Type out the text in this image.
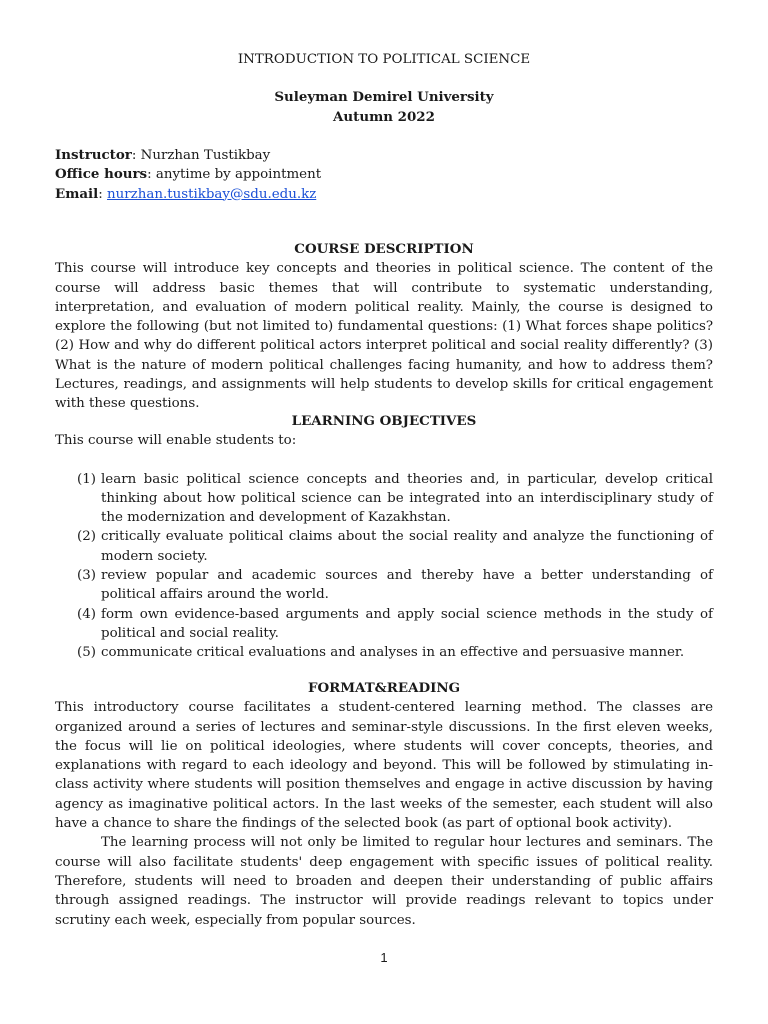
INTRODUCTION TO POLITICAL SCIENCE
Suleyman Demirel University
Autumn 2022
Instructor: Nurzhan Tustikbay
Office hours: anytime by appointment
Email: nurzhan.tustikbay@sdu.edu.kz
COURSE DESCRIPTION
This course will introduce key concepts and theories in political science. The content of the course will address basic themes that will contribute to systematic understanding, interpretation, and evaluation of modern political reality. Mainly, the course is designed to explore the following (but not limited to) fundamental questions: (1) What forces shape politics? (2) How and why do different political actors interpret political and social reality differently? (3) What is the nature of modern political challenges facing humanity, and how to address them? Lectures, readings, and assignments will help students to develop skills for critical engagement with these questions.
LEARNING OBJECTIVES
This course will enable students to:
(1) learn basic political science concepts and theories and, in particular, develop critical thinking about how political science can be integrated into an interdisciplinary study of the modernization and development of Kazakhstan.
(2) critically evaluate political claims about the social reality and analyze the functioning of modern society.
(3) review popular and academic sources and thereby have a better understanding of political affairs around the world.
(4) form own evidence-based arguments and apply social science methods in the study of political and social reality.
(5) communicate critical evaluations and analyses in an effective and persuasive manner.
FORMAT&READING
This introductory course facilitates a student-centered learning method. The classes are organized around a series of lectures and seminar-style discussions. In the first eleven weeks, the focus will lie on political ideologies, where students will cover concepts, theories, and explanations with regard to each ideology and beyond. This will be followed by stimulating in-class activity where students will position themselves and engage in active discussion by having agency as imaginative political actors. In the last weeks of the semester, each student will also have a chance to share the findings of the selected book (as part of optional book activity).
The learning process will not only be limited to regular hour lectures and seminars. The course will also facilitate students' deep engagement with specific issues of political reality. Therefore, students will need to broaden and deepen their understanding of public affairs through assigned readings. The instructor will provide readings relevant to topics under scrutiny each week, especially from popular sources.
1
